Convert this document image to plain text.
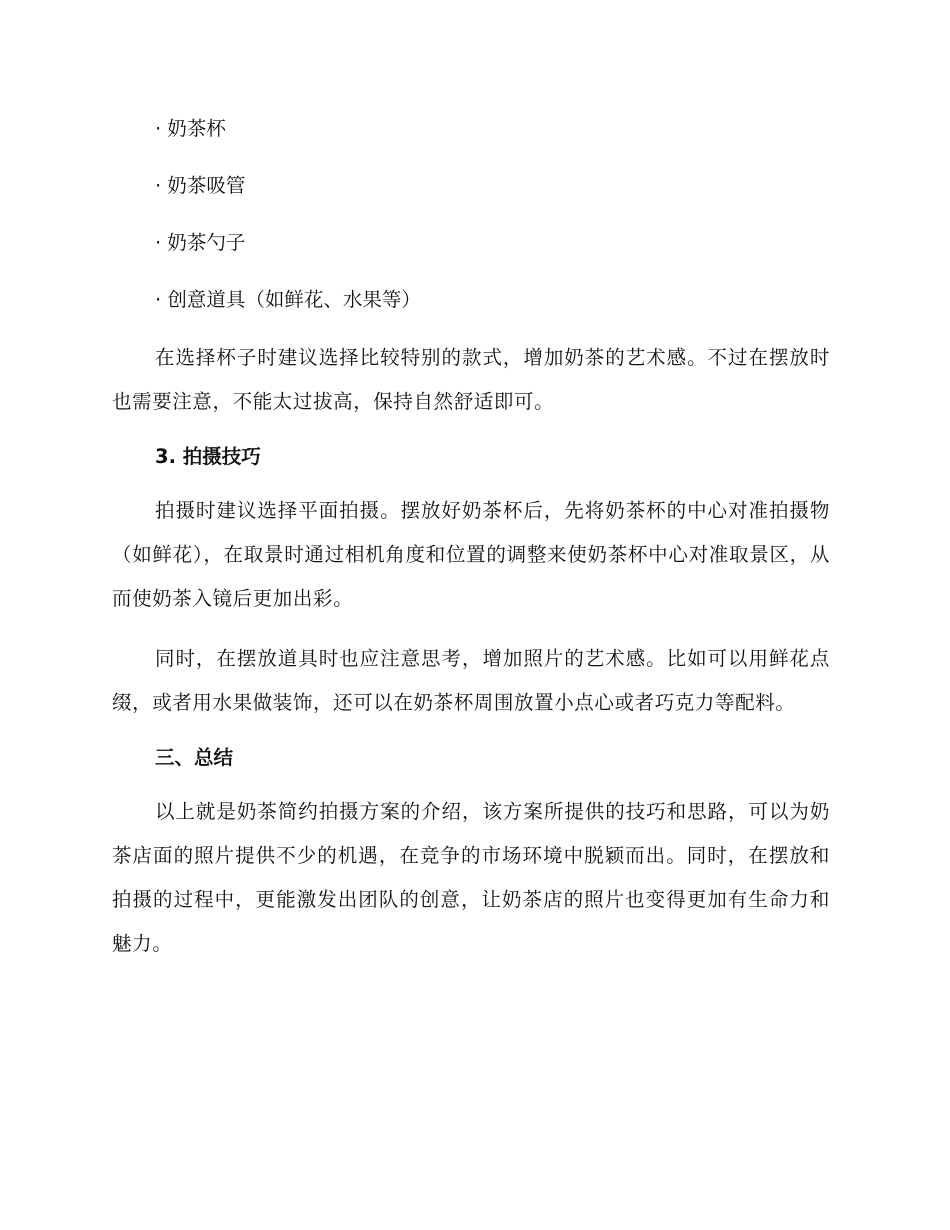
· 奶茶杯
· 奶茶吸管
· 奶茶勺子
· 创意道具（如鲜花、水果等）

在选择杯子时建议选择比较特别的款式，增加奶茶的艺术感。不过在摆放时也需要注意，不能太过拔高，保持自然舒适即可。

3. 拍摄技巧

拍摄时建议选择平面拍摄。摆放好奶茶杯后，先将奶茶杯的中心对准拍摄物（如鲜花），在取景时通过相机角度和位置的调整来使奶茶杯中心对准取景区，从而使奶茶入镜后更加出彩。

同时，在摆放道具时也应注意思考，增加照片的艺术感。比如可以用鲜花点缀，或者用水果做装饰，还可以在奶茶杯周围放置小点心或者巧克力等配料。

三、总结

以上就是奶茶简约拍摄方案的介绍，该方案所提供的技巧和思路，可以为奶茶店面的照片提供不少的机遇，在竞争的市场环境中脱颖而出。同时，在摆放和拍摄的过程中，更能激发出团队的创意，让奶茶店的照片也变得更加有生命力和魅力。
